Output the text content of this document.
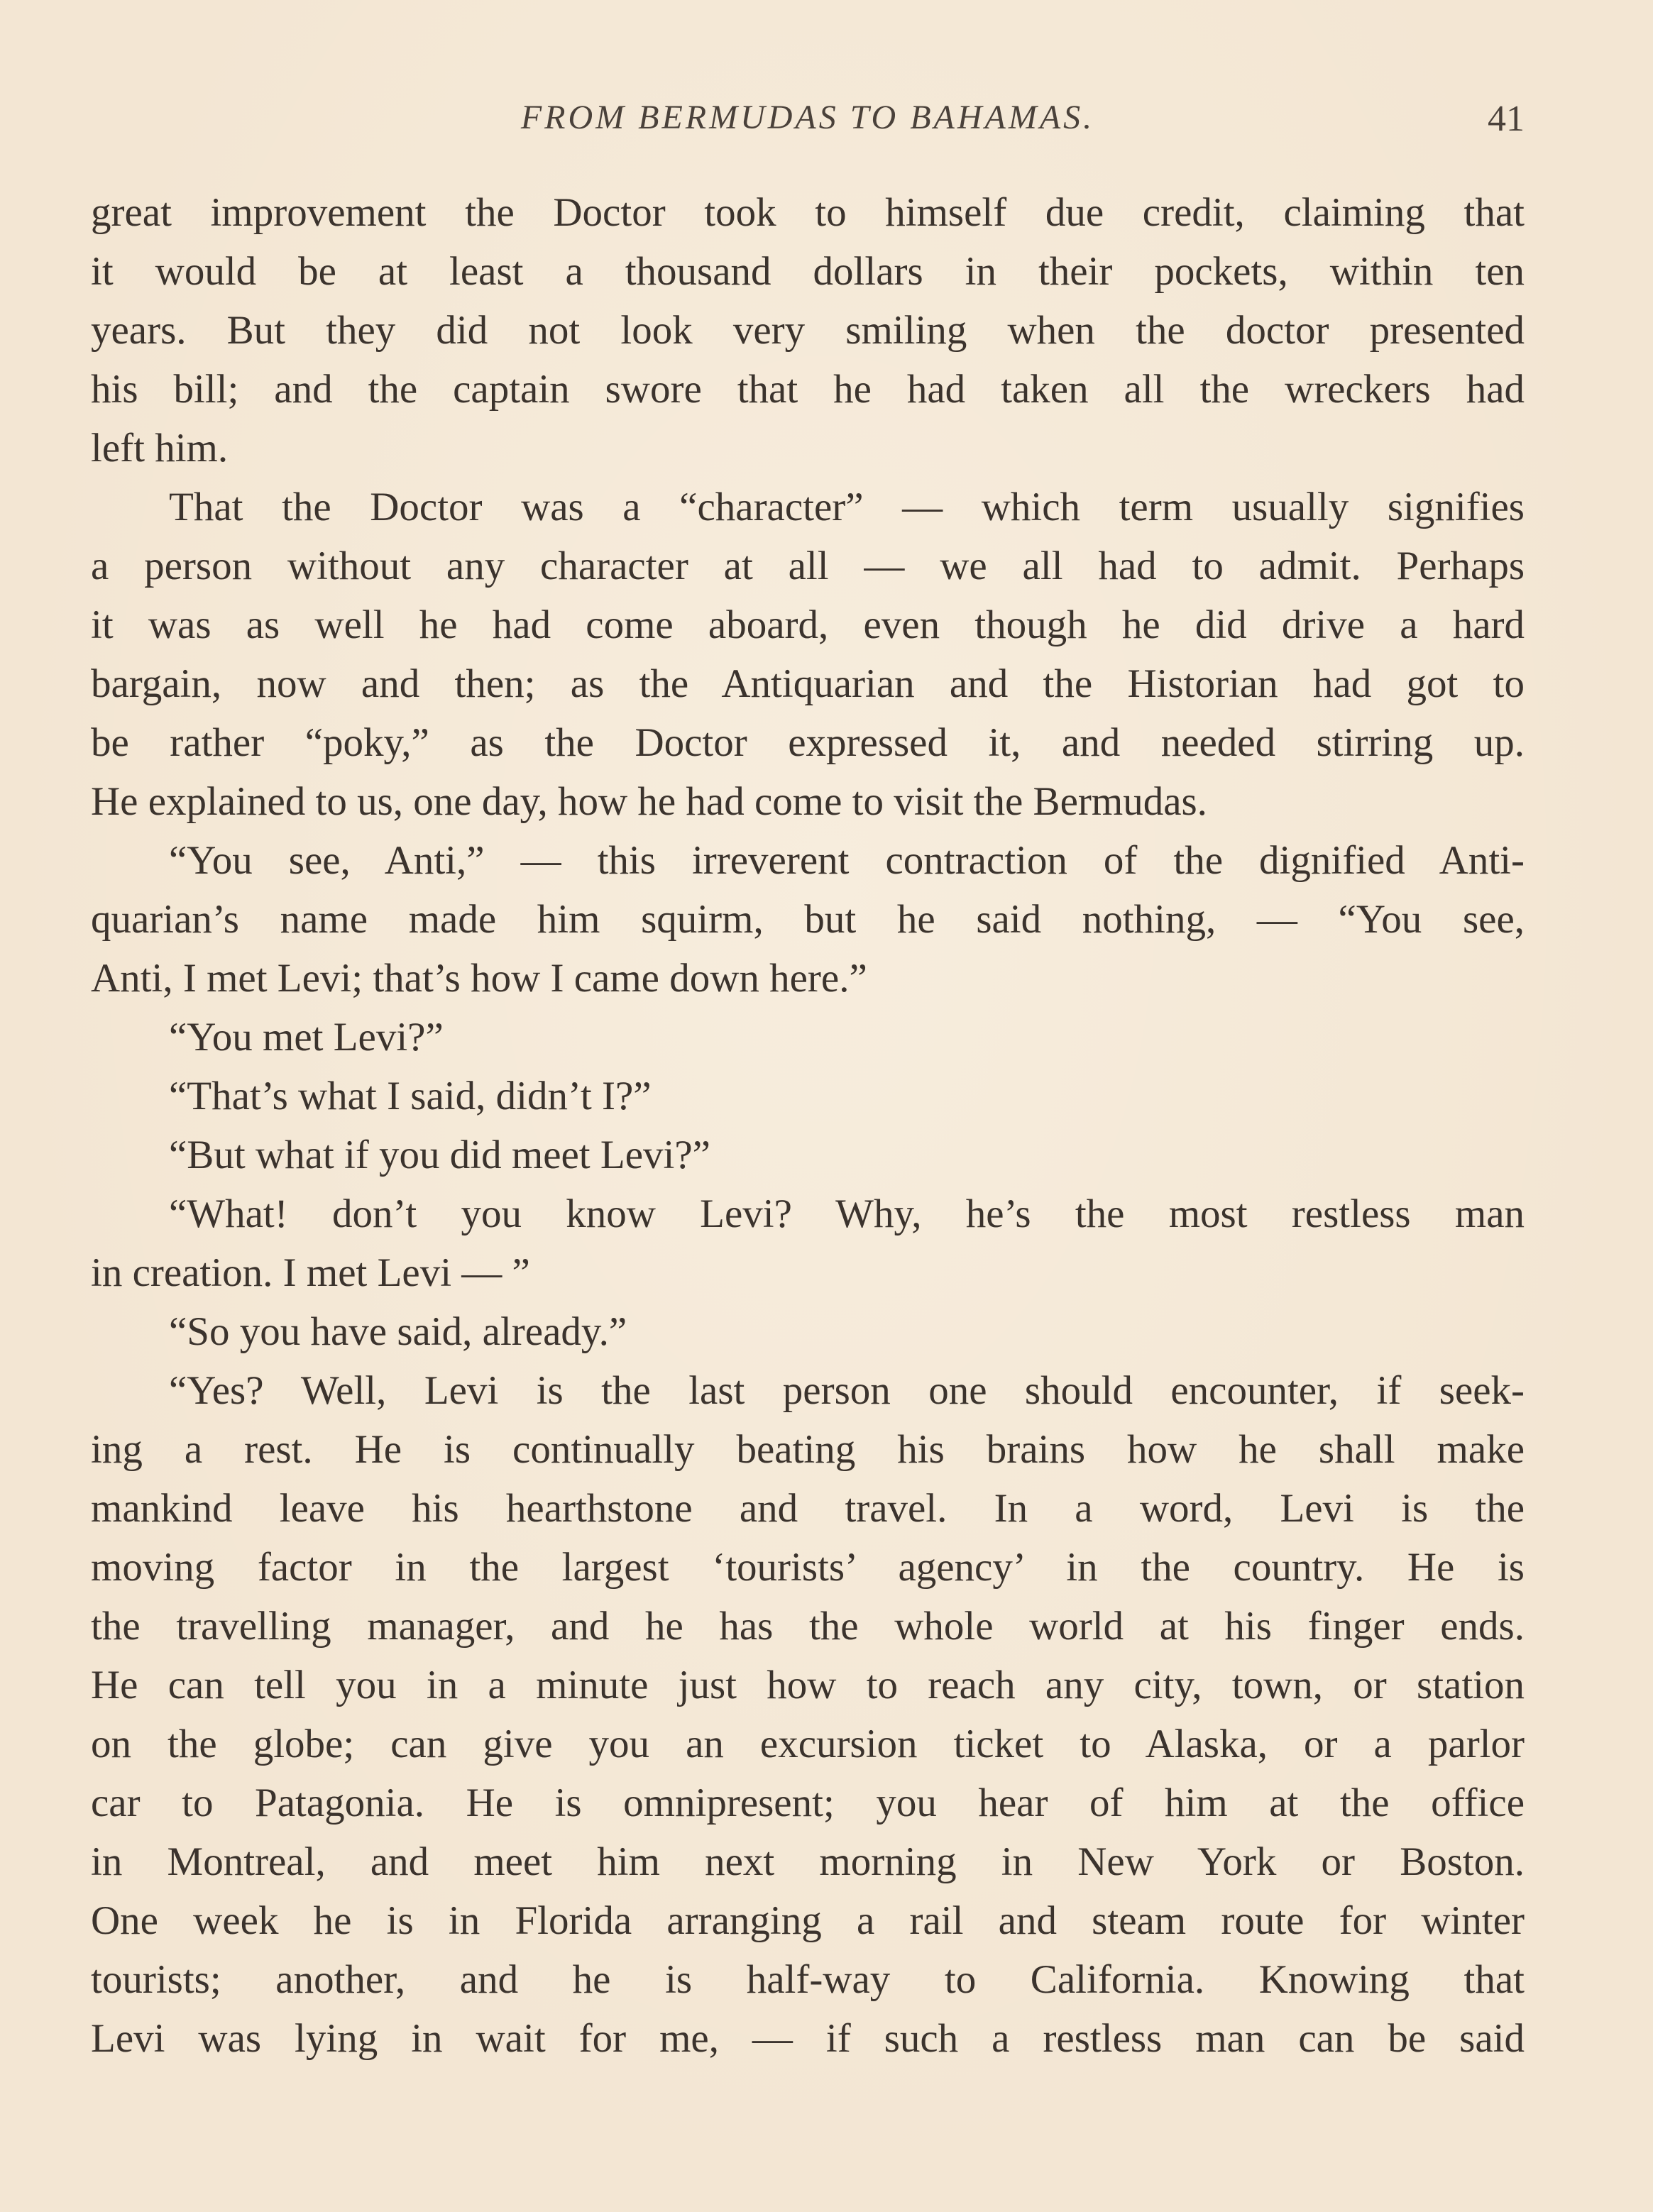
FROM BERMUDAS TO BAHAMAS.	41
great improvement the Doctor took to himself due credit, claiming that
it would be at least a thousand dollars in their pockets, within ten
years. But they did not look very smiling when the doctor presented
his bill; and the captain swore that he had taken all the wreckers had
left him.
That the Doctor was a “character” — which term usually signifies
a person without any character at all — we all had to admit. Perhaps
it was as well he had come aboard, even though he did drive a hard
bargain, now and then; as the Antiquarian and the Historian had got to
be rather “poky,” as the Doctor expressed it, and needed stirring up.
He explained to us, one day, how he had come to visit the Bermudas.
“You see, Anti,” — this irreverent contraction of the dignified Anti-
quarian’s name made him squirm, but he said nothing, — “You see,
Anti, I met Levi; that’s how I came down here.”
“You met Levi?”
“That’s what I said, didn’t I?”
“But what if you did meet Levi?”
“What! don’t you know Levi? Why, he’s the most restless man
in creation. I met Levi — ”
“So you have said, already.”
“Yes? Well, Levi is the last person one should encounter, if seek-
ing a rest. He is continually beating his brains how he shall make
mankind leave his hearthstone and travel. In a word, Levi is the
moving factor in the largest ‘tourists’ agency’ in the country. He is
the travelling manager, and he has the whole world at his finger ends.
He can tell you in a minute just how to reach any city, town, or station
on the globe; can give you an excursion ticket to Alaska, or a parlor
car to Patagonia. He is omnipresent; you hear of him at the office
in Montreal, and meet him next morning in New York or Boston.
One week he is in Florida arranging a rail and steam route for winter
tourists; another, and he is half-way to California. Knowing that
Levi was lying in wait for me, — if such a restless man can be said
